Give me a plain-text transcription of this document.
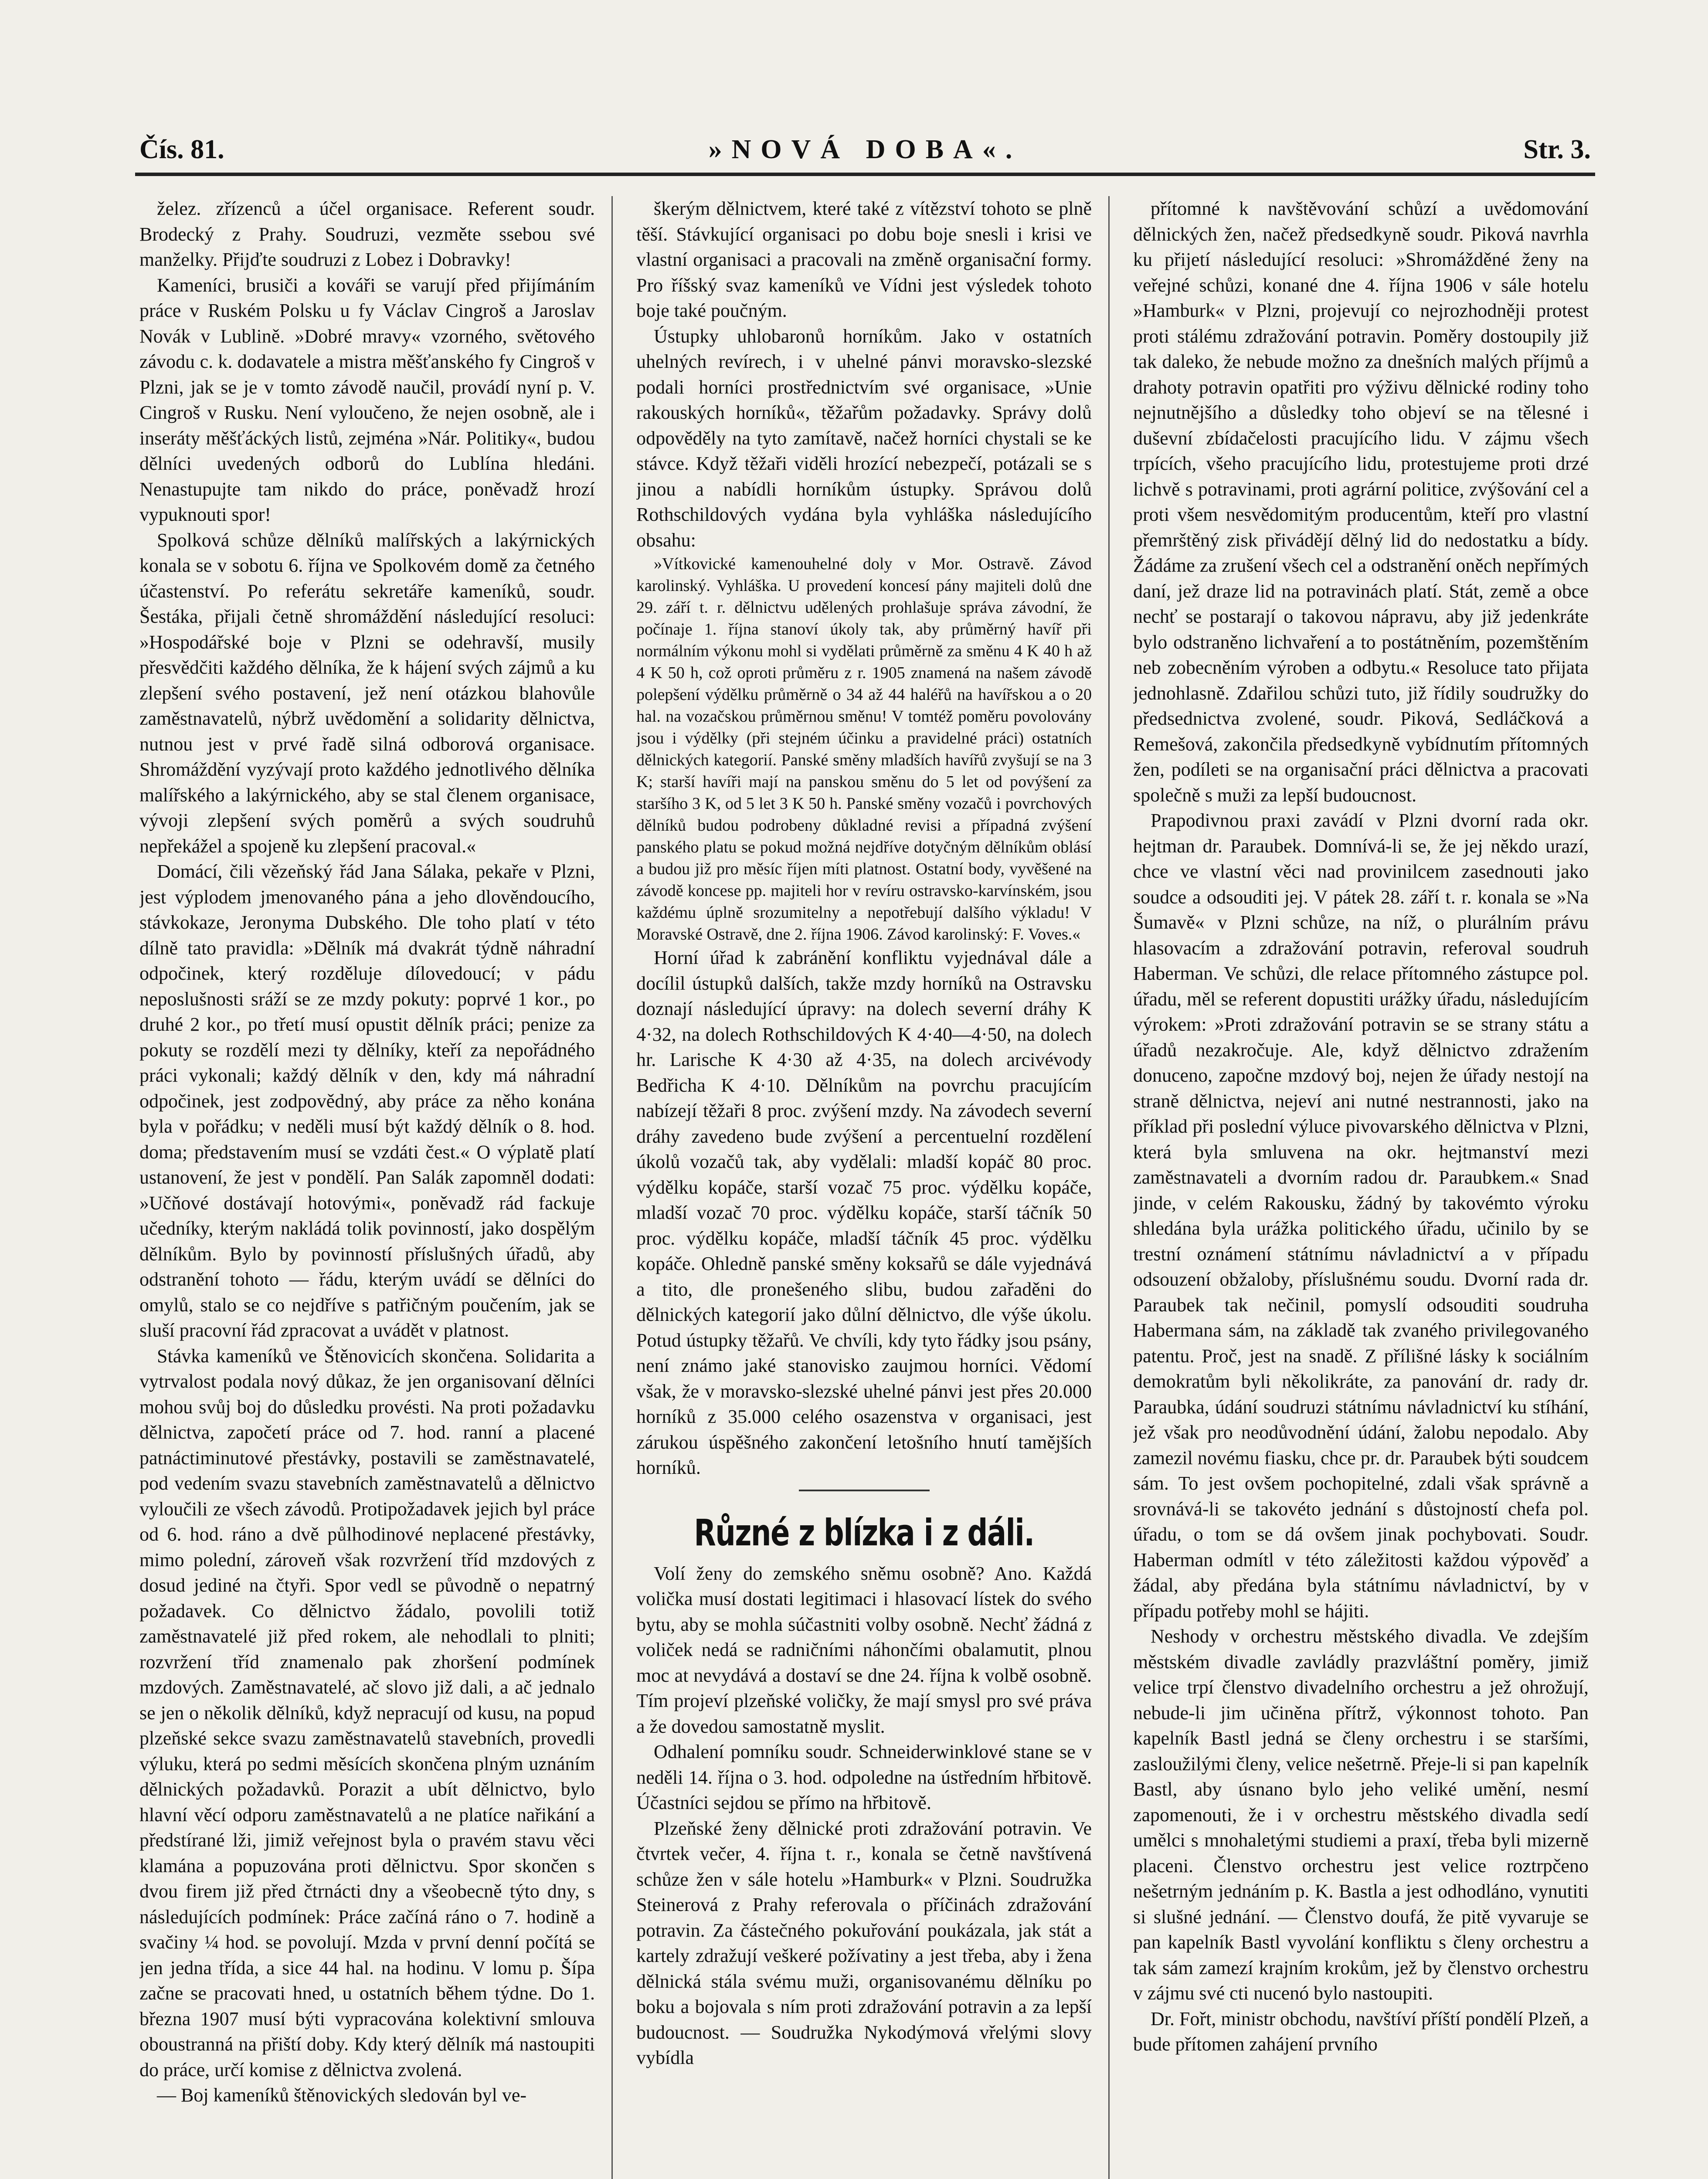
Čís. 81.	»NOVÁ DOBA«.	Str. 3.

želez. zřízenců a účel organisace. Referent soudr. Brodecký z Prahy. Soudruzi, vezměte ssebou své manželky. Přijďte soudruzi z Lobez i Dobravky!

Kameníci, brusiči a kováři se varují před přijímáním práce v Ruském Polsku u fy Václav Cingroš a Jaroslav Novák v Lublině. »Dobré mravy« vzorného, světového závodu c. k. dodavatele a mistra měšťanského fy Cingroš v Plzni, jak se je v tomto závodě naučil, provádí nyní p. V. Cingroš v Rusku. Není vyloučeno, že nejen osobně, ale i inseráty měšťáckých listů, zejména »Nár. Politiky«, budou dělníci uvedených odborů do Lublína hledáni. Nenastupujte tam nikdo do práce, poněvadž hrozí vypuknouti spor!

Spolková schůze dělníků malířských a lakýrnických konala se v sobotu 6. října ve Spolkovém domě za četného účastenství. Po referátu sekretáře kameníků, soudr. Šestáka, přijali četně shromáždění následující resoluci: »Hospodářské boje v Plzni se odehravší, musily přesvědčiti každého dělníka, že k hájení svých zájmů a ku zlepšení svého postavení, jež není otázkou blahovůle zaměstnavatelů, nýbrž uvědomění a solidarity dělnictva, nutnou jest v prvé řadě silná odborová organisace. Shromáždění vyzývají proto každého jednotlivého dělníka malířského a lakýrnického, aby se stal členem organisace, vývoji zlepšení svých poměrů a svých soudruhů nepřekážel a spojeně ku zlepšení pracoval.«

Domácí, čili vězeňský řád Jana Sálaka, pekaře v Plzni, jest výplodem jmenovaného pána a jeho dlověndoucího, stávkokaze, Jeronyma Dubského. Dle toho platí v této dílně tato pravidla: »Dělník má dvakrát týdně náhradní odpočinek, který rozděluje dílovedoucí; v pádu neposlušnosti sráží se ze mzdy pokuty: poprvé 1 kor., po druhé 2 kor., po třetí musí opustit dělník práci; penize za pokuty se rozdělí mezi ty dělníky, kteří za nepořádného práci vykonali; každý dělník v den, kdy má náhradní odpočinek, jest zodpovědný, aby práce za něho konána byla v pořádku; v neděli musí být každý dělník o 8. hod. doma; představením musí se vzdáti čest.« O výplatě platí ustanovení, že jest v pondělí. Pan Salák zapomněl dodati: »Učňové dostávají hotovými«, poněvadž rád fackuje učedníky, kterým nakládá tolik povinností, jako dospělým dělníkům. Bylo by povinností příslušných úřadů, aby odstranění tohoto — řádu, kterým uvádí se dělníci do omylů, stalo se co nejdříve s patřičným poučením, jak se sluší pracovní řád zpracovat a uvádět v platnost.

Stávka kameníků ve Štěnovicích skončena. Solidarita a vytrvalost podala nový důkaz, že jen organisovaní dělníci mohou svůj boj do důsledku provésti. Na proti požadavku dělnictva, započetí práce od 7. hod. ranní a placené patnáctiminutové přestávky, postavili se zaměstnavatelé, pod vedením svazu stavebních zaměstnavatelů a dělnictvo vyloučili ze všech závodů. Protipožadavek jejich byl práce od 6. hod. ráno a dvě půlhodinové neplacené přestávky, mimo polední, zároveň však rozvržení tříd mzdových z dosud jediné na čtyři. Spor vedl se původně o nepatrný požadavek. Co dělnictvo žádalo, povolili totiž zaměstnavatelé již před rokem, ale nehodlali to plniti; rozvržení tříd znamenalo pak zhoršení podmínek mzdových. Zaměstnavatelé, ač slovo již dali, a ač jednalo se jen o několik dělníků, když nepracují od kusu, na popud plzeňské sekce svazu zaměstnavatelů stavebních, provedli výluku, která po sedmi měsících skončena plným uznáním dělnických požadavků. Porazit a ubít dělnictvo, bylo hlavní věcí odporu zaměstnavatelů a ne platíce nařikání a předstírané lži, jimiž veřejnost byla o pravém stavu věci klamána a popuzována proti dělnictvu. Spor skončen s dvou firem již před čtrnácti dny a všeobecně týto dny, s následujících podmínek: Práce začíná ráno o 7. hodině a svačiny ¼ hod. se povolují. Mzda v první denní počítá se jen jedna třída, a sice 44 hal. na hodinu. V lomu p. Šípa začne se pracovati hned, u ostatních během týdne. Do 1. března 1907 musí býti vypracována kolektivní smlouva oboustranná na přiští doby. Kdy který dělník má nastoupiti do práce, určí komise z dělnictva zvolená.

— Boj kameníků štěnovických sledován byl ve-

škerým dělnictvem, které také z vítězství tohoto se plně těší. Stávkující organisaci po dobu boje snesli i krisi ve vlastní organisaci a pracovali na změně organisační formy. Pro říšský svaz kameníků ve Vídni jest výsledek tohoto boje také poučným.

Ústupky uhlobaronů horníkům. Jako v ostatních uhelných revírech, i v uhelné pánvi moravsko-slezské podali horníci prostřednictvím své organisace, »Unie rakouských horníků«, těžařům požadavky. Správy dolů odpověděly na tyto zamítavě, načež horníci chystali se ke stávce. Když těžaři viděli hrozící nebezpečí, potázali se s jinou a nabídli horníkům ústupky. Správou dolů Rothschildových vydána byla vyhláška následujícího obsahu:

»Vítkovické kamenouhelné doly v Mor. Ostravě. Závod karolinský. Vyhláška. U provedení koncesí pány majiteli dolů dne 29. září t. r. dělnictvu udělených prohlašuje správa závodní, že počínaje 1. října stanoví úkoly tak, aby průměrný havíř při normálním výkonu mohl si vydělati průměrně za směnu 4 K 40 h až 4 K 50 h, což oproti průměru z r. 1905 znamená na našem závodě polepšení výdělku průměrně o 34 až 44 haléřů na havířskou a o 20 hal. na vozačskou průměrnou směnu! V tomtéž poměru povolovány jsou i výdělky (při stejném účinku a pravidelné práci) ostatních dělnických kategorií. Panské směny mladších havířů zvyšují se na 3 K; starší havíři mají na panskou směnu do 5 let od povýšení za staršího 3 K, od 5 let 3 K 50 h. Panské směny vozačů i povrchových dělníků budou podrobeny důkladné revisi a případná zvýšení panského platu se pokud možná nejdříve dotyčným dělníkům oblásí a budou již pro měsíc říjen míti platnost. Ostatní body, vyvěšené na závodě koncese pp. majiteli hor v revíru ostravsko-karvínském, jsou každému úplně srozumitelny a nepotřebují dalšího výkladu! V Moravské Ostravě, dne 2. října 1906. Závod karolinský: F. Voves.«

Horní úřad k zabránění konfliktu vyjednával dále a docílil ústupků dalších, takže mzdy horníků na Ostravsku doznají následující úpravy: na dolech severní dráhy K 4·32, na dolech Rothschildových K 4·40—4·50, na dolech hr. Larische K 4·30 až 4·35, na dolech arcivévody Bedřicha K 4·10. Dělníkům na povrchu pracujícím nabízejí těžaři 8 proc. zvýšení mzdy. Na závodech severní dráhy zavedeno bude zvýšení a percentuelní rozdělení úkolů vozačů tak, aby vydělali: mladší kopáč 80 proc. výdělku kopáče, starší vozač 75 proc. výdělku kopáče, mladší vozač 70 proc. výdělku kopáče, starší táčník 50 proc. výdělku kopáče, mladší táčník 45 proc. výdělku kopáče. Ohledně panské směny koksařů se dále vyjednává a tito, dle pronešeného slibu, budou zařaděni do dělnických kategorií jako důlní dělnictvo, dle výše úkolu. Potud ústupky těžařů. Ve chvíli, kdy tyto řádky jsou psány, není známo jaké stanovisko zaujmou horníci. Vědomí však, že v moravsko-slezské uhelné pánvi jest přes 20.000 horníků z 35.000 celého osazenstva v organisaci, jest zárukou úspěšného zakončení letošního hnutí tamějších horníků.

Různé z blízka i z dáli.

Volí ženy do zemského sněmu osobně? Ano. Každá volička musí dostati legitimaci i hlasovací lístek do svého bytu, aby se mohla súčastniti volby osobně. Nechť žádná z voliček nedá se radničními náhončími obalamutit, plnou moc at nevydává a dostaví se dne 24. října k volbě osobně. Tím projeví plzeňské voličky, že mají smysl pro své práva a že dovedou samostatně myslit.

Odhalení pomníku soudr. Schneiderwinklové stane se v neděli 14. října o 3. hod. odpoledne na ústředním hřbitově. Účastníci sejdou se přímo na hřbitově.

Plzeňské ženy dělnické proti zdražování potravin. Ve čtvrtek večer, 4. října t. r., konala se četně navštívená schůze žen v sále hotelu »Hamburk« v Plzni. Soudružka Steinerová z Prahy referovala o příčinách zdražování potravin. Za částečného pokuřování poukázala, jak stát a kartely zdražují veškeré požívatiny a jest třeba, aby i žena dělnická stála svému muži, organisovanému dělníku po boku a bojovala s ním proti zdražování potravin a za lepší budoucnost. — Soudružka Nykodýmová vřelými slovy vybídla

přítomné k navštěvování schůzí a uvědomování dělnických žen, načež předsedkyně soudr. Piková navrhla ku přijetí následující resoluci: »Shromážděné ženy na veřejné schůzi, konané dne 4. října 1906 v sále hotelu »Hamburk« v Plzni, projevují co nejrozhodněji protest proti stálému zdražování potravin. Poměry dostoupily již tak daleko, že nebude možno za dnešních malých příjmů a drahoty potravin opatřiti pro výživu dělnické rodiny toho nejnutnějšího a důsledky toho objeví se na tělesné i duševní zbídačelosti pracujícího lidu. V zájmu všech trpících, všeho pracujícího lidu, protestujeme proti drzé lichvě s potravinami, proti agrární politice, zvýšování cel a proti všem nesvědomitým producentům, kteří pro vlastní přemrštěný zisk přivádějí dělný lid do nedostatku a bídy. Žádáme za zrušení všech cel a odstranění oněch nepřímých daní, jež draze lid na potravinách platí. Stát, země a obce nechť se postarají o takovou nápravu, aby již jedenkráte bylo odstraněno lichvaření a to postátněním, pozemštěním neb zobecněním výroben a odbytu.« Resoluce tato přijata jednohlasně. Zdařilou schůzi tuto, již řídily soudružky do předsednictva zvolené, soudr. Piková, Sedláčková a Remešová, zakončila předsedkyně vybídnutím přítomných žen, podíleti se na organisační práci dělnictva a pracovati společně s muži za lepší budoucnost.

Prapodivnou praxi zavádí v Plzni dvorní rada okr. hejtman dr. Paraubek. Domnívá-li se, že jej někdo urazí, chce ve vlastní věci nad provinilcem zasednouti jako soudce a odsouditi jej. V pátek 28. září t. r. konala se »Na Šumavě« v Plzni schůze, na níž, o plurálním právu hlasovacím a zdražování potravin, referoval soudruh Haberman. Ve schůzi, dle relace přítomného zástupce pol. úřadu, měl se referent dopustiti urážky úřadu, následujícím výrokem: »Proti zdražování potravin se se strany státu a úřadů nezakročuje. Ale, když dělnictvo zdražením donuceno, započne mzdový boj, nejen že úřady nestojí na straně dělnictva, nejeví ani nutné nestrannosti, jako na příklad při poslední výluce pivovarského dělnictva v Plzni, která byla smluvena na okr. hejtmanství mezi zaměstnavateli a dvorním radou dr. Paraubkem.« Snad jinde, v celém Rakousku, žádný by takovémto výroku shledána byla urážka politického úřadu, učinilo by se trestní oznámení státnímu návladnictví a v případu odsouzení obžaloby, příslušnému soudu. Dvorní rada dr. Paraubek tak nečinil, pomyslí odsouditi soudruha Habermana sám, na základě tak zvaného privilegovaného patentu. Proč, jest na snadě. Z přílišné lásky k sociálním demokratům byli několikráte, za panování dr. rady dr. Paraubka, údání soudruzi státnímu návladnictví ku stíhání, jež však pro neodůvodnění údání, žalobu nepodalo. Aby zamezil novému fiasku, chce pr. dr. Paraubek býti soudcem sám. To jest ovšem pochopitelné, zdali však správně a srovnává-li se takovéto jednání s důstojností chefa pol. úřadu, o tom se dá ovšem jinak pochybovati. Soudr. Haberman odmítl v této záležitosti každou výpověď a žádal, aby předána byla státnímu návladnictví, by v případu potřeby mohl se hájiti.

Neshody v orchestru městského divadla. Ve zdejším městském divadle zavládly prazvláštní poměry, jimiž velice trpí členstvo divadelního orchestru a jež ohrožují, nebude-li jim učiněna přítrž, výkonnost tohoto. Pan kapelník Bastl jedná se členy orchestru i se staršími, zasloužilými členy, velice nešetrně. Přeje-li si pan kapelník Bastl, aby úsnano bylo jeho veliké umění, nesmí zapomenouti, že i v orchestru městského divadla sedí umělci s mnohaletými studiemi a praxí, třeba byli mizerně placeni. Členstvo orchestru jest velice roztrpčeno nešetrným jednáním p. K. Bastla a jest odhodláno, vynutiti si slušné jednání. — Členstvo doufá, že pitě vyvaruje se pan kapelník Bastl vyvolání konfliktu s členy orchestru a tak sám zamezí krajním krokům, jež by členstvo orchestru v zájmu své cti nucenó bylo nastoupiti.

Dr. Fořt, ministr obchodu, navštíví příští pondělí Plzeň, a bude přítomen zahájení prvního
